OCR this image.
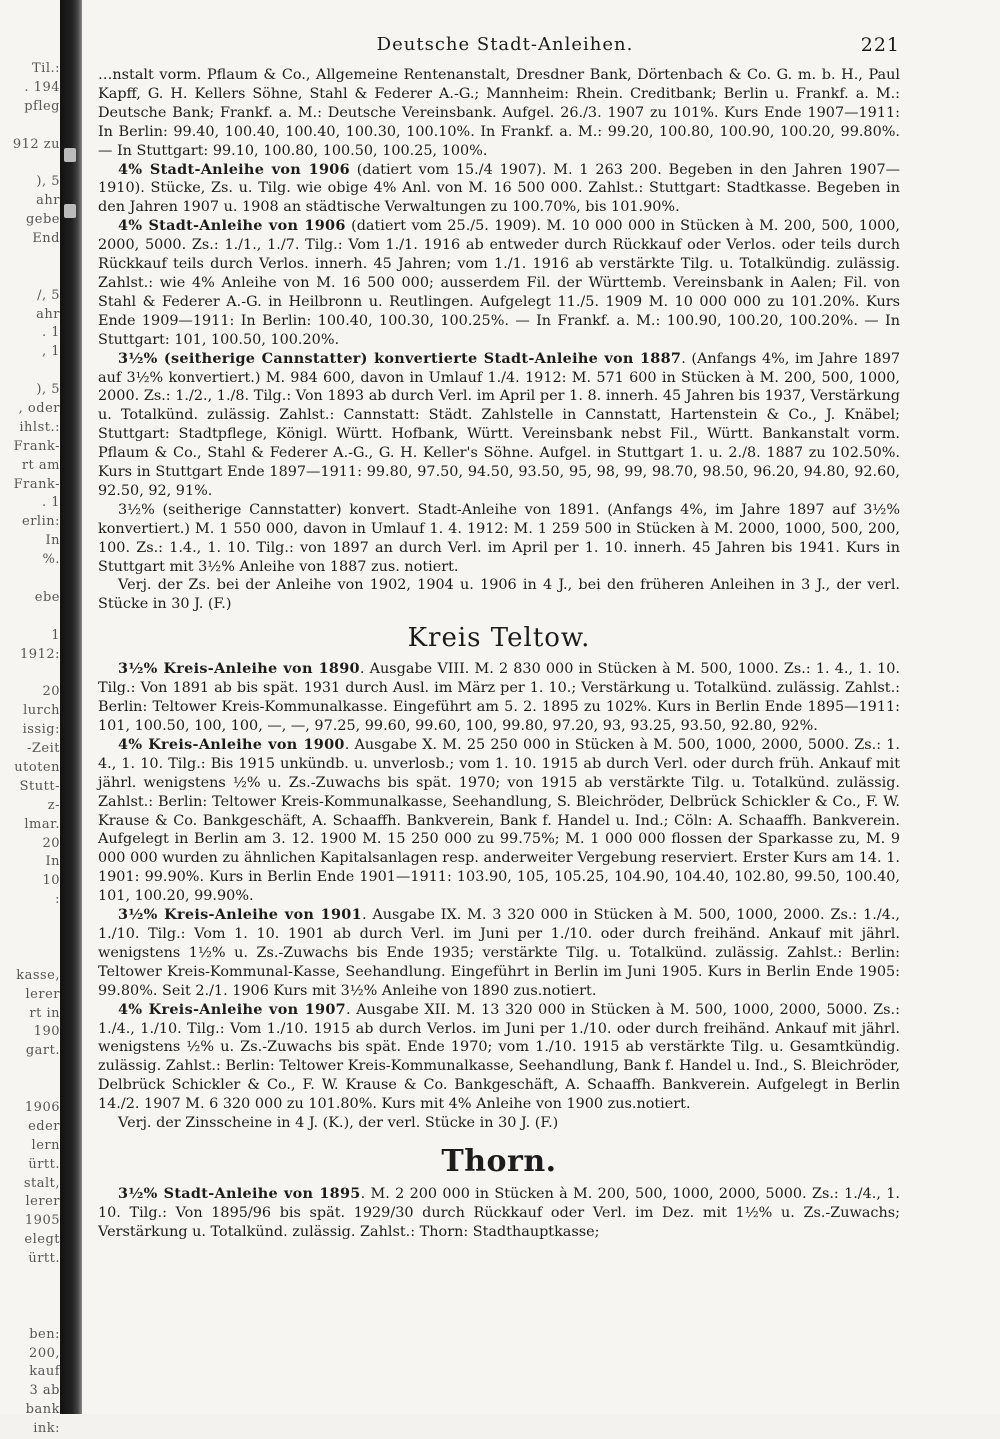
Til.:
. 194
pfleg
912 zu
), 5
ahr
gebe
End
/, 5
ahr
. 1
, 1
), 5
, oder
ihlst.:
Frank-
rt am
Frank-
. 1
erlin:
In
%.
ebe
1
1912:
20
lurch
issig:
-Zeit
utoten
Stutt-
z-
lmar.
20
In
10
:
kasse,
lerer
rt in
190
gart.
1906
eder
lern
ürtt.
stalt,
lerer
1905
elegt
ürtt.
ben:
200,
kauf
3 ab
bank
ink:
Deutsche Stadt-Anleihen.	221

…nstalt vorm. Pflaum & Co., Allgemeine Rentenanstalt, Dresdner Bank, Dörtenbach & Co. G. m. b. H., Paul Kapff, G. H. Kellers Söhne, Stahl & Federer A.-G.; Mannheim: Rhein. Creditbank; Berlin u. Frankf. a. M.: Deutsche Bank; Frankf. a. M.: Deutsche Vereinsbank. Aufgel. 26./3. 1907 zu 101%. Kurs Ende 1907—1911: In Berlin: 99.40, 100.40, 100.40, 100.30, 100.10%. In Frankf. a. M.: 99.20, 100.80, 100.90, 100.20, 99.80%. — In Stuttgart: 99.10, 100.80, 100.50, 100.25, 100%.

4% Stadt-Anleihe von 1906 (datiert vom 15./4 1907). M. 1 263 200. Begeben in den Jahren 1907—1910). Stücke, Zs. u. Tilg. wie obige 4% Anl. von M. 16 500 000. Zahlst.: Stuttgart: Stadtkasse. Begeben in den Jahren 1907 u. 1908 an städtische Verwaltungen zu 100.70%, bis 101.90%.

4% Stadt-Anleihe von 1906 (datiert vom 25./5. 1909). M. 10 000 000 in Stücken à M. 200, 500, 1000, 2000, 5000. Zs.: 1./1., 1./7. Tilg.: Vom 1./1. 1916 ab entweder durch Rückkauf oder Verlos. oder teils durch Rückkauf teils durch Verlos. innerh. 45 Jahren; vom 1./1. 1916 ab verstärkte Tilg. u. Totalkündig. zulässig. Zahlst.: wie 4% Anleihe von M. 16 500 000; ausserdem Fil. der Württemb. Vereinsbank in Aalen; Fil. von Stahl & Federer A.-G. in Heilbronn u. Reutlingen. Aufgelegt 11./5. 1909 M. 10 000 000 zu 101.20%. Kurs Ende 1909—1911: In Berlin: 100.40, 100.30, 100.25%. — In Frankf. a. M.: 100.90, 100.20, 100.20%. — In Stuttgart: 101, 100.50, 100.20%.

3½% (seitherige Cannstatter) konvertierte Stadt-Anleihe von 1887. (Anfangs 4%, im Jahre 1897 auf 3½% konvertiert.) M. 984 600, davon in Umlauf 1./4. 1912: M. 571 600 in Stücken à M. 200, 500, 1000, 2000. Zs.: 1./2., 1./8. Tilg.: Von 1893 ab durch Verl. im April per 1. 8. innerh. 45 Jahren bis 1937, Verstärkung u. Totalkünd. zulässig. Zahlst.: Cannstatt: Städt. Zahlstelle in Cannstatt, Hartenstein & Co., J. Knäbel; Stuttgart: Stadtpflege, Königl. Württ. Hofbank, Württ. Vereinsbank nebst Fil., Württ. Bankanstalt vorm. Pflaum & Co., Stahl & Federer A.-G., G. H. Keller's Söhne. Aufgel. in Stuttgart 1. u. 2./8. 1887 zu 102.50%. Kurs in Stuttgart Ende 1897—1911: 99.80, 97.50, 94.50, 93.50, 95, 98, 99, 98.70, 98.50, 96.20, 94.80, 92.60, 92.50, 92, 91%.

3½% (seitherige Cannstatter) konvert. Stadt-Anleihe von 1891. (Anfangs 4%, im Jahre 1897 auf 3½% konvertiert.) M. 1 550 000, davon in Umlauf 1. 4. 1912: M. 1 259 500 in Stücken à M. 2000, 1000, 500, 200, 100. Zs.: 1.4., 1. 10. Tilg.: von 1897 an durch Verl. im April per 1. 10. innerh. 45 Jahren bis 1941. Kurs in Stuttgart mit 3½% Anleihe von 1887 zus. notiert.

Verj. der Zs. bei der Anleihe von 1902, 1904 u. 1906 in 4 J., bei den früheren Anleihen in 3 J., der verl. Stücke in 30 J. (F.)

Kreis Teltow.

3½% Kreis-Anleihe von 1890. Ausgabe VIII. M. 2 830 000 in Stücken à M. 500, 1000. Zs.: 1. 4., 1. 10. Tilg.: Von 1891 ab bis spät. 1931 durch Ausl. im März per 1. 10.; Verstärkung u. Totalkünd. zulässig. Zahlst.: Berlin: Teltower Kreis-Kommunalkasse. Eingeführt am 5. 2. 1895 zu 102%. Kurs in Berlin Ende 1895—1911: 101, 100.50, 100, 100, —, —, 97.25, 99.60, 99.60, 100, 99.80, 97.20, 93, 93.25, 93.50, 92.80, 92%.

4% Kreis-Anleihe von 1900. Ausgabe X. M. 25 250 000 in Stücken à M. 500, 1000, 2000, 5000. Zs.: 1. 4., 1. 10. Tilg.: Bis 1915 unkündb. u. unverlosb.; vom 1. 10. 1915 ab durch Verl. oder durch früh. Ankauf mit jährl. wenigstens ½% u. Zs.-Zuwachs bis spät. 1970; von 1915 ab verstärkte Tilg. u. Totalkünd. zulässig. Zahlst.: Berlin: Teltower Kreis-Kommunalkasse, Seehandlung, S. Bleichröder, Delbrück Schickler & Co., F. W. Krause & Co. Bankgeschäft, A. Schaaffh. Bankverein, Bank f. Handel u. Ind.; Cöln: A. Schaaffh. Bankverein. Aufgelegt in Berlin am 3. 12. 1900 M. 15 250 000 zu 99.75%; M. 1 000 000 flossen der Sparkasse zu, M. 9 000 000 wurden zu ähnlichen Kapitalsanlagen resp. anderweiter Vergebung reserviert. Erster Kurs am 14. 1. 1901: 99.90%. Kurs in Berlin Ende 1901—1911: 103.90, 105, 105.25, 104.90, 104.40, 102.80, 99.50, 100.40, 101, 100.20, 99.90%.

3½% Kreis-Anleihe von 1901. Ausgabe IX. M. 3 320 000 in Stücken à M. 500, 1000, 2000. Zs.: 1./4., 1./10. Tilg.: Vom 1. 10. 1901 ab durch Verl. im Juni per 1./10. oder durch freihänd. Ankauf mit jährl. wenigstens 1½% u. Zs.-Zuwachs bis Ende 1935; verstärkte Tilg. u. Totalkünd. zulässig. Zahlst.: Berlin: Teltower Kreis-Kommunal-Kasse, Seehandlung. Eingeführt in Berlin im Juni 1905. Kurs in Berlin Ende 1905: 99.80%. Seit 2./1. 1906 Kurs mit 3½% Anleihe von 1890 zus.notiert.

4% Kreis-Anleihe von 1907. Ausgabe XII. M. 13 320 000 in Stücken à M. 500, 1000, 2000, 5000. Zs.: 1./4., 1./10. Tilg.: Vom 1./10. 1915 ab durch Verlos. im Juni per 1./10. oder durch freihänd. Ankauf mit jährl. wenigstens ½% u. Zs.-Zuwachs bis spät. Ende 1970; vom 1./10. 1915 ab verstärkte Tilg. u. Gesamtkündig. zulässig. Zahlst.: Berlin: Teltower Kreis-Kommunalkasse, Seehandlung, Bank f. Handel u. Ind., S. Bleichröder, Delbrück Schickler & Co., F. W. Krause & Co. Bankgeschäft, A. Schaaffh. Bankverein. Aufgelegt in Berlin 14./2. 1907 M. 6 320 000 zu 101.80%. Kurs mit 4% Anleihe von 1900 zus.notiert.

Verj. der Zinsscheine in 4 J. (K.), der verl. Stücke in 30 J. (F.)

Thorn.

3½% Stadt-Anleihe von 1895. M. 2 200 000 in Stücken à M. 200, 500, 1000, 2000, 5000. Zs.: 1./4., 1. 10. Tilg.: Von 1895/96 bis spät. 1929/30 durch Rückkauf oder Verl. im Dez. mit 1½% u. Zs.-Zuwachs; Verstärkung u. Totalkünd. zulässig. Zahlst.: Thorn: Stadthauptkasse;
